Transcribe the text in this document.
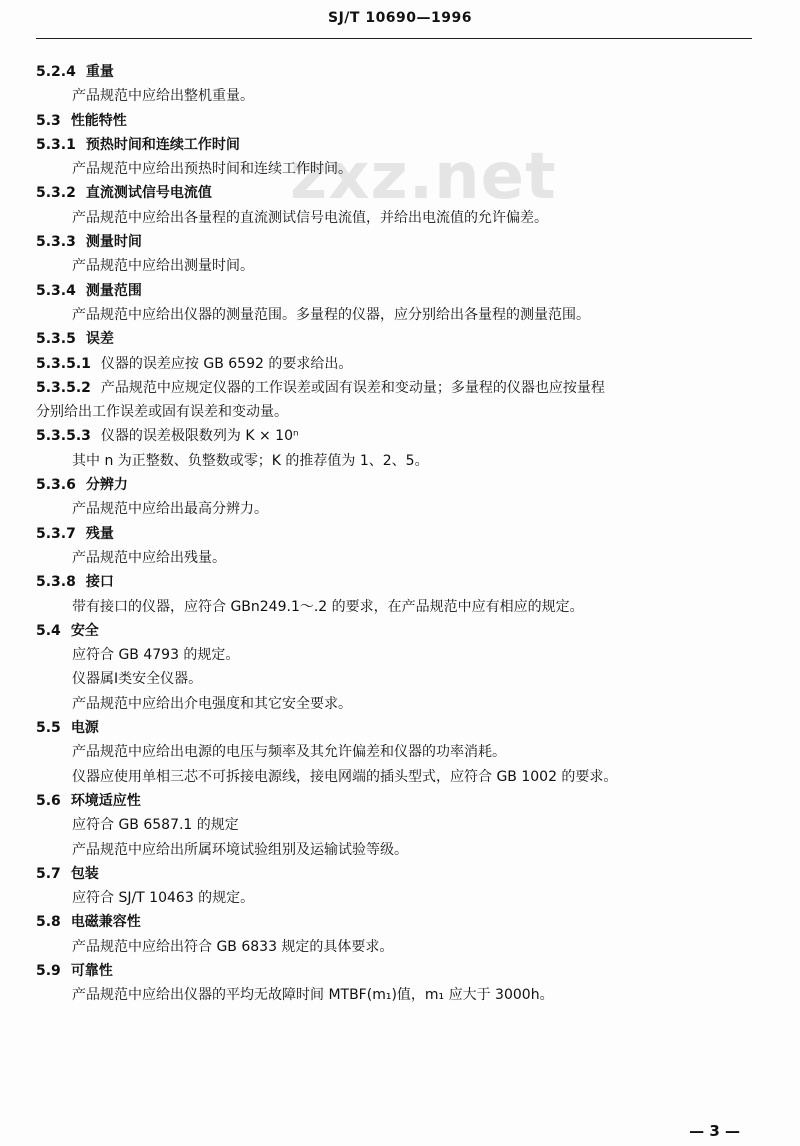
SJ/T 10690—1996
zxz.net
5.2.4 重量
产品规范中应给出整机重量。
5.3 性能特性
5.3.1 预热时间和连续工作时间
产品规范中应给出预热时间和连续工作时间。
5.3.2 直流测试信号电流值
产品规范中应给出各量程的直流测试信号电流值，并给出电流值的允许偏差。
5.3.3 测量时间
产品规范中应给出测量时间。
5.3.4 测量范围
产品规范中应给出仪器的测量范围。多量程的仪器，应分别给出各量程的测量范围。
5.3.5 误差
5.3.5.1 仪器的误差应按 GB 6592 的要求给出。
5.3.5.2 产品规范中应规定仪器的工作误差或固有误差和变动量；多量程的仪器也应按量程
分别给出工作误差或固有误差和变动量。
5.3.5.3 仪器的误差极限数列为 K × 10ⁿ
其中 n 为正整数、负整数或零；K 的推荐值为 1、2、5。
5.3.6 分辨力
产品规范中应给出最高分辨力。
5.3.7 残量
产品规范中应给出残量。
5.3.8 接口
带有接口的仪器，应符合 GBn249.1～.2 的要求，在产品规范中应有相应的规定。
5.4 安全
应符合 GB 4793 的规定。
仪器属Ⅰ类安全仪器。
产品规范中应给出介电强度和其它安全要求。
5.5 电源
产品规范中应给出电源的电压与频率及其允许偏差和仪器的功率消耗。
仪器应使用单相三芯不可拆接电源线，接电网端的插头型式，应符合 GB 1002 的要求。
5.6 环境适应性
应符合 GB 6587.1 的规定
产品规范中应给出所属环境试验组别及运输试验等级。
5.7 包装
应符合 SJ/T 10463 的规定。
5.8 电磁兼容性
产品规范中应给出符合 GB 6833 规定的具体要求。
5.9 可靠性
产品规范中应给出仪器的平均无故障时间 MTBF(m₁)值，m₁ 应大于 3000h。
— 3 —
